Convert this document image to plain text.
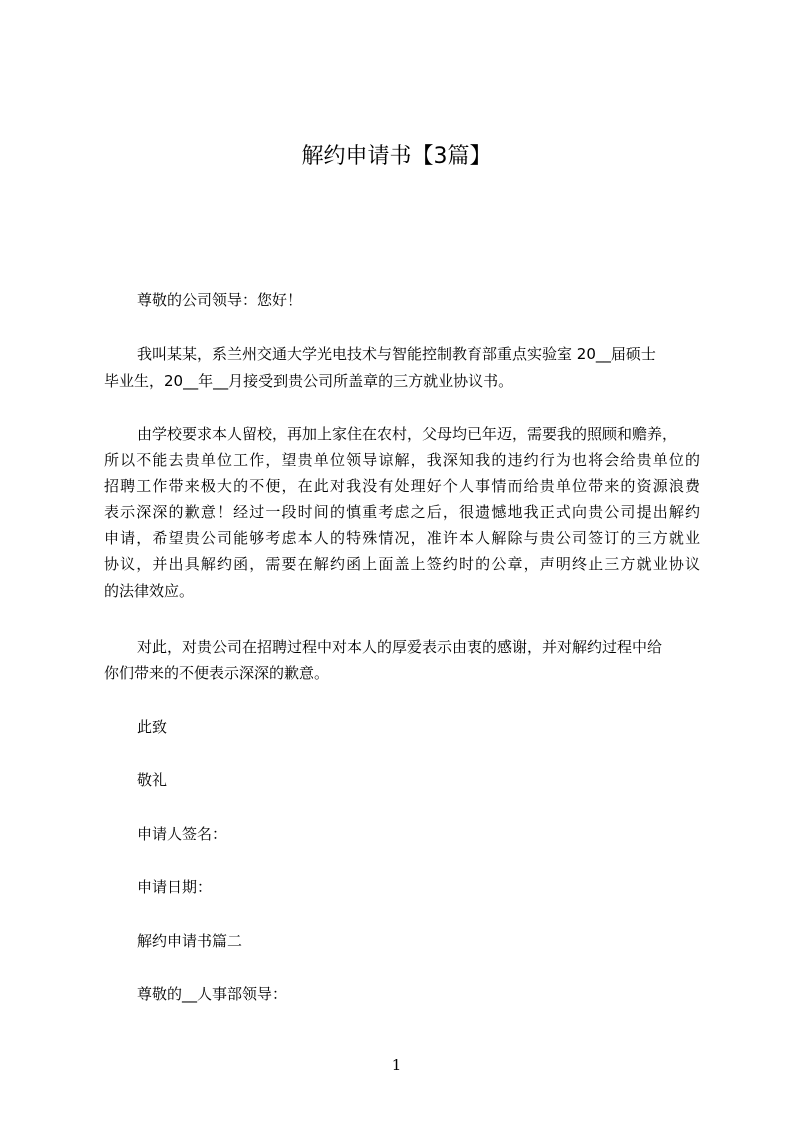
解约申请书【3篇】
尊敬的公司领导：您好！
我叫某某，系兰州交通大学光电技术与智能控制教育部重点实验室 20__届硕士
毕业生，20__年__月接受到贵公司所盖章的三方就业协议书。
由学校要求本人留校，再加上家住在农村，父母均已年迈，需要我的照顾和赡养，
所以不能去贵单位工作，望贵单位领导谅解，我深知我的违约行为也将会给贵单位的
招聘工作带来极大的不便，在此对我没有处理好个人事情而给贵单位带来的资源浪费
表示深深的歉意！经过一段时间的慎重考虑之后，很遗憾地我正式向贵公司提出解约
申请，希望贵公司能够考虑本人的特殊情况，准许本人解除与贵公司签订的三方就业
协议，并出具解约函，需要在解约函上面盖上签约时的公章，声明终止三方就业协议
的法律效应。
对此，对贵公司在招聘过程中对本人的厚爱表示由衷的感谢，并对解约过程中给
你们带来的不便表示深深的歉意。
此致
敬礼
申请人签名：
申请日期：
解约申请书篇二
尊敬的__人事部领导：
1
